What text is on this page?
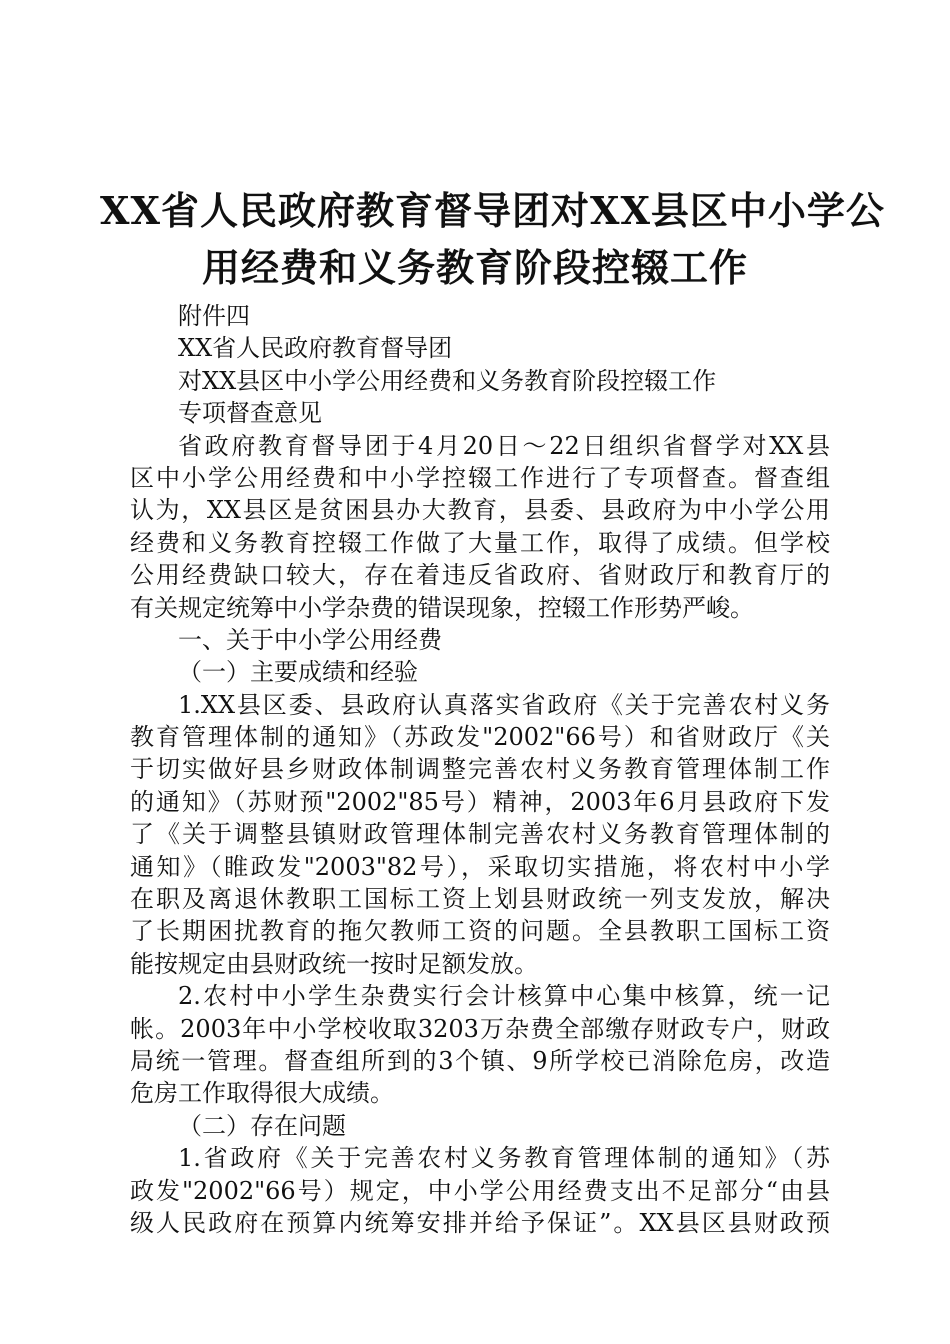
XX省人民政府教育督导团对XX县区中小学公
用经费和义务教育阶段控辍工作
附件四
XX省人民政府教育督导团
对XX县区中小学公用经费和义务教育阶段控辍工作
专项督查意见
省政府教育督导团于4月20日～22日组织省督学对XX县
区中小学公用经费和中小学控辍工作进行了专项督查。督查组
认为，XX县区是贫困县办大教育，县委、县政府为中小学公用
经费和义务教育控辍工作做了大量工作，取得了成绩。但学校
公用经费缺口较大，存在着违反省政府、省财政厅和教育厅的
有关规定统筹中小学杂费的错误现象，控辍工作形势严峻。
一、关于中小学公用经费
（一）主要成绩和经验
1.XX县区委、县政府认真落实省政府《关于完善农村义务
教育管理体制的通知》（苏政发"2002"66号）和省财政厅《关
于切实做好县乡财政体制调整完善农村义务教育管理体制工作
的通知》（苏财预"2002"85号）精神，2003年6月县政府下发
了《关于调整县镇财政管理体制完善农村义务教育管理体制的
通知》（睢政发"2003"82号），采取切实措施，将农村中小学
在职及离退休教职工国标工资上划县财政统一列支发放，解决
了长期困扰教育的拖欠教师工资的问题。全县教职工国标工资
能按规定由县财政统一按时足额发放。
2.农村中小学生杂费实行会计核算中心集中核算，统一记
帐。2003年中小学校收取3203万杂费全部缴存财政专户，财政
局统一管理。督查组所到的3个镇、9所学校已消除危房，改造
危房工作取得很大成绩。
（二）存在问题
1.省政府《关于完善农村义务教育管理体制的通知》（苏
政发"2002"66号）规定，中小学公用经费支出不足部分“由县
级人民政府在预算内统筹安排并给予保证”。XX县区县财政预
